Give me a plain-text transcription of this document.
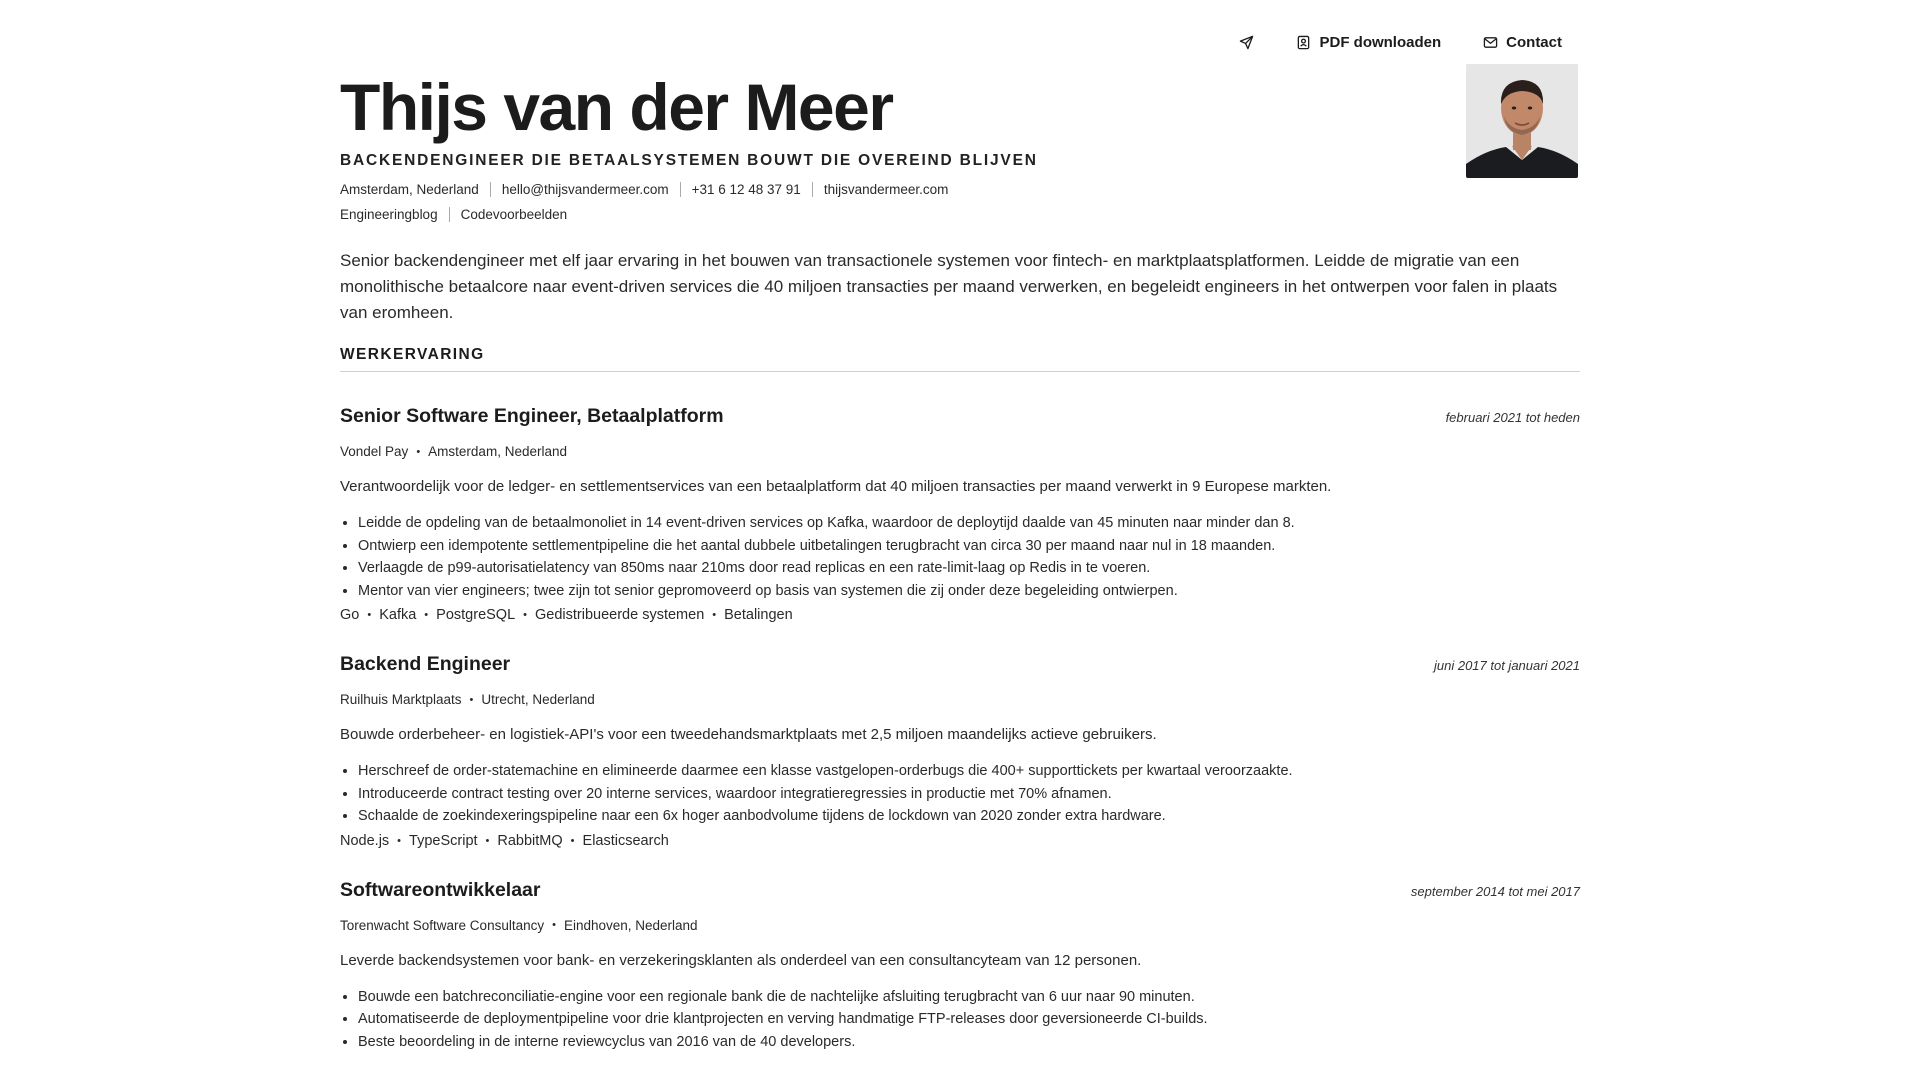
PDF downloaden	Contact
Thijs van der Meer
BACKENDENGINEER DIE BETAALSYSTEMEN BOUWT DIE OVEREIND BLIJVEN
Amsterdam, Nederland hello@thijsvandermeer.com +31 6 12 48 37 91 thijsvandermeer.com
Engineeringblog Codevoorbeelden

Senior backendengineer met elf jaar ervaring in het bouwen van transactionele systemen voor fintech- en marktplaatsplatformen. Leidde de migratie van een monolithische betaalcore naar event-driven services die 40 miljoen transacties per maand verwerken, en begeleidt engineers in het ontwerpen voor falen in plaats van eromheen.

WERKERVARING
Senior Software Engineer, Betaalplatform	februari 2021 tot heden
Vondel Pay • Amsterdam, Nederland
Verantwoordelijk voor de ledger- en settlementservices van een betaalplatform dat 40 miljoen transacties per maand verwerkt in 9 Europese markten.
• Leidde de opdeling van de betaalmonoliet in 14 event-driven services op Kafka, waardoor de deploytijd daalde van 45 minuten naar minder dan 8.
• Ontwierp een idempotente settlementpipeline die het aantal dubbele uitbetalingen terugbracht van circa 30 per maand naar nul in 18 maanden.
• Verlaagde de p99-autorisatielatency van 850ms naar 210ms door read replicas en een rate-limit-laag op Redis in te voeren.
• Mentor van vier engineers; twee zijn tot senior gepromoveerd op basis van systemen die zij onder deze begeleiding ontwierpen.
Go • Kafka • PostgreSQL • Gedistribueerde systemen • Betalingen
Backend Engineer	juni 2017 tot januari 2021
Ruilhuis Marktplaats • Utrecht, Nederland
Bouwde orderbeheer- en logistiek-API's voor een tweedehandsmarktplaats met 2,5 miljoen maandelijks actieve gebruikers.
• Herschreef de order-statemachine en elimineerde daarmee een klasse vastgelopen-orderbugs die 400+ supporttickets per kwartaal veroorzaakte.
• Introduceerde contract testing over 20 interne services, waardoor integratieregressies in productie met 70% afnamen.
• Schaalde de zoekindexeringspipeline naar een 6x hoger aanbodvolume tijdens de lockdown van 2020 zonder extra hardware.
Node.js • TypeScript • RabbitMQ • Elasticsearch
Softwareontwikkelaar	september 2014 tot mei 2017
Torenwacht Software Consultancy • Eindhoven, Nederland
Leverde backendsystemen voor bank- en verzekeringsklanten als onderdeel van een consultancyteam van 12 personen.
• Bouwde een batchreconciliatie-engine voor een regionale bank die de nachtelijke afsluiting terugbracht van 6 uur naar 90 minuten.
• Automatiseerde de deploymentpipeline voor drie klantprojecten en verving handmatige FTP-releases door geversioneerde CI-builds.
• Beste beoordeling in de interne reviewcyclus van 2016 van de 40 developers.
